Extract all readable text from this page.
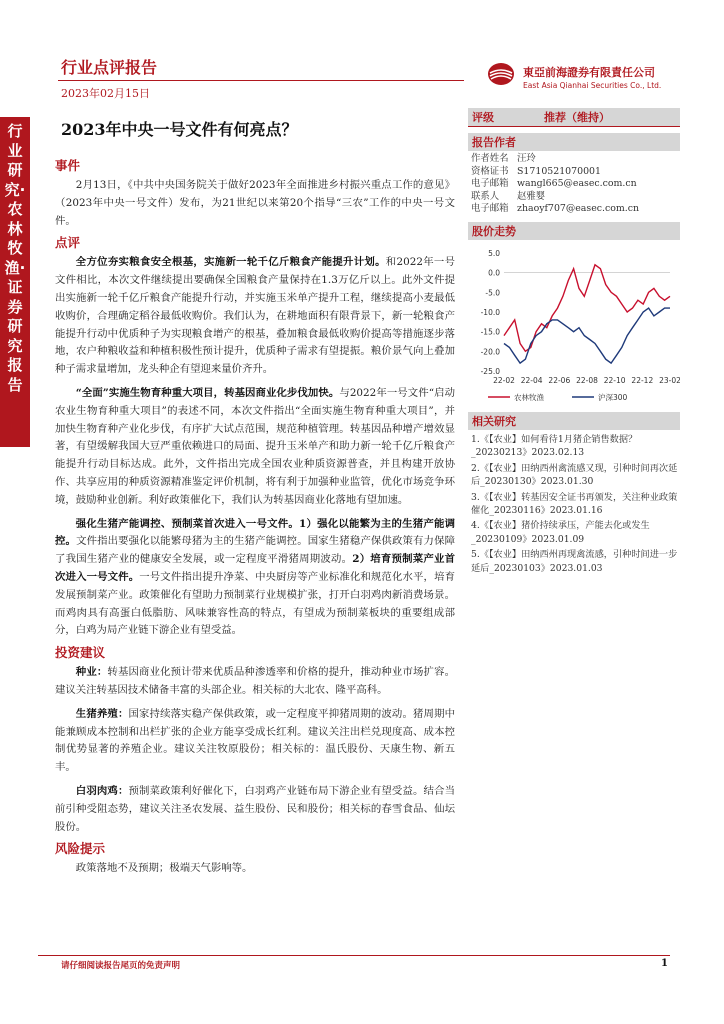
行业研究·农林牧渔·证券研究报告
行业点评报告
2023年02月15日
東亞前海證券有限責任公司
East Asia Qianhai Securities Co., Ltd.
2023年中央一号文件有何亮点？
事件

2月13日，《中共中央国务院关于做好2023年全面推进乡村振兴重点工作的意见》（2023年中央一号文件）发布，为21世纪以来第20个指导“三农”工作的中央一号文件。

点评

全方位夯实粮食安全根基，实施新一轮千亿斤粮食产能提升计划。和2022年一号文件相比，本次文件继续提出要确保全国粮食产量保持在1.3万亿斤以上。此外文件提出实施新一轮千亿斤粮食产能提升行动，并实施玉米单产提升工程，继续提高小麦最低收购价，合理确定稻谷最低收购价。我们认为，在耕地面积有限背景下，新一轮粮食产能提升行动中优质种子为实现粮食增产的根基，叠加粮食最低收购价提高等措施逐步落地，农户种粮收益和种植积极性预计提升，优质种子需求有望提振。粮价景气向上叠加种子需求量增加，龙头种企有望迎来量价齐升。

“全面”实施生物育种重大项目，转基因商业化步伐加快。与2022年一号文件“启动农业生物育种重大项目”的表述不同，本次文件指出“全面实施生物育种重大项目”，并加快生物育种产业化步伐，有序扩大试点范围，规范种植管理。转基因品种增产增效显著，有望缓解我国大豆严重依赖进口的局面、提升玉米单产和助力新一轮千亿斤粮食产能提升行动目标达成。此外，文件指出完成全国农业种质资源普查，并且构建开放协作、共享应用的种质资源精准鉴定评价机制，将有利于加强种业监管，优化市场竞争环境，鼓励种业创新。利好政策催化下，我们认为转基因商业化落地有望加速。

强化生猪产能调控、预制菜首次进入一号文件。1）强化以能繁为主的生猪产能调控。文件指出要强化以能繁母猪为主的生猪产能调控。国家生猪稳产保供政策有力保障了我国生猪产业的健康安全发展，或一定程度平滑猪周期波动。2）培育预制菜产业首次进入一号文件。一号文件指出提升净菜、中央厨房等产业标准化和规范化水平，培育发展预制菜产业。政策催化有望助力预制菜行业规模扩张，打开白羽鸡肉新消费场景。而鸡肉具有高蛋白低脂肪、风味兼容性高的特点，有望成为预制菜板块的重要组成部分，白鸡为局产业链下游企业有望受益。

投资建议

种业：转基因商业化预计带来优质品种渗透率和价格的提升，推动种业市场扩容。建议关注转基因技术储备丰富的头部企业。相关标的大北农、隆平高科。

生猪养殖：国家持续落实稳产保供政策，或一定程度平抑猪周期的波动。猪周期中能兼顾成本控制和出栏扩张的企业方能享受成长红利。建议关注出栏兑现度高、成本控制优势显著的养殖企业。建议关注牧原股份；相关标的：温氏股份、天康生物、新五丰。

白羽肉鸡：预制菜政策利好催化下，白羽鸡产业链布局下游企业有望受益。结合当前引种受阻态势，建议关注圣农发展、益生股份、民和股份；相关标的春雪食品、仙坛股份。

风险提示

政策落地不及预期；极端天气影响等。

评级	推荐（维持）
报告作者
作者姓名 汪玲
资格证书 S1710521070001
电子邮箱 wangl665@easec.com.cn
联系人	赵雅婴
电子邮箱 zhaoyf707@easec.com.cn
股价走势
5.0
0.0
-5.0
-10.0
-15.0
-20.0
-25.0
22-02 22-04 22-06 22-08 22-10 22-12 23-02
农林牧渔	沪深300
相关研究
1.《【农业】如何看待1月猪企销售数据？_20230213》2023.02.13
2.《【农业】田纳西州禽流感又现，引种时间再次延后_20230130》2023.01.30
3.《【农业】转基因安全证书再颁发，关注种业政策催化_20230116》2023.01.16
4.《【农业】猪价持续承压，产能去化或发生_20230109》2023.01.09
5.《【农业】田纳西州再现禽流感，引种时间进一步延后_20230103》2023.01.03
请仔细阅读报告尾页的免责声明	1
